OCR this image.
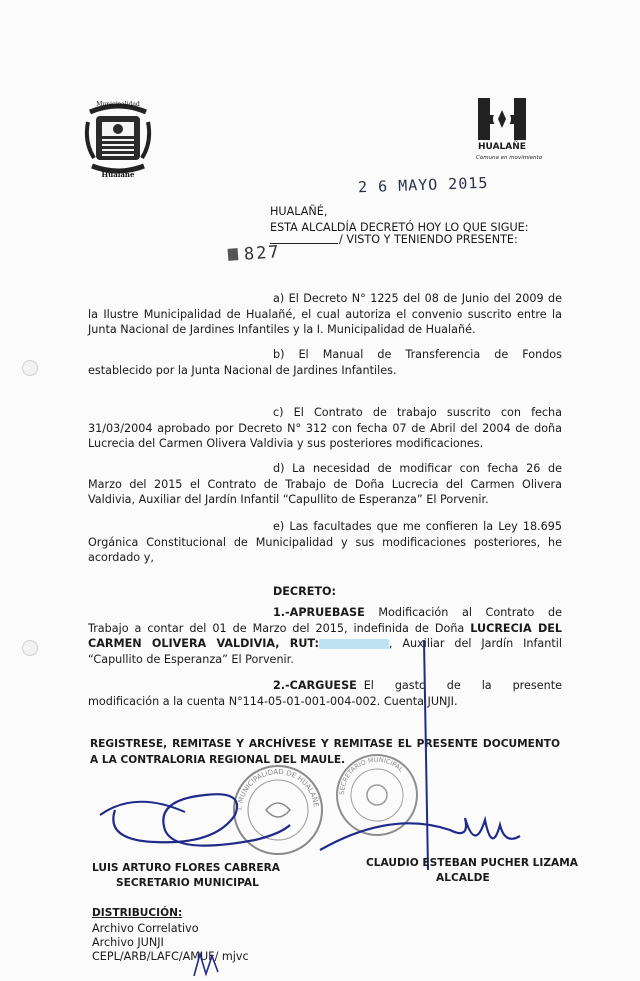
Municipalidad
Hualañé
HUALAÑE
Comuna en movimiento
2 6 MAYO 2015
HUALAÑÉ,
ESTA ALCALDÍA DECRETÓ HOY LO QUE SIGUE:
/ VISTO Y TENIENDO PRESENTE:
827
a) El Decreto N° 1225 del 08 de Junio del 2009 de la Ilustre Municipalidad de Hualañé, el cual autoriza el convenio suscrito entre la Junta Nacional de Jardines Infantiles y la I. Municipalidad de Hualañé.
b) El Manual de Transferencia de Fondos establecido por la Junta Nacional de Jardines Infantiles.
c) El Contrato de trabajo suscrito con fecha 31/03/2004 aprobado por Decreto N° 312 con fecha 07 de Abril del 2004 de doña Lucrecia del Carmen Olivera Valdivia y sus posteriores modificaciones.
d) La necesidad de modificar con fecha 26 de Marzo del 2015 el Contrato de Trabajo de Doña Lucrecia del Carmen Olivera Valdivia, Auxiliar del Jardín Infantil “Capullito de Esperanza” El Porvenir.
e) Las facultades que me confieren la Ley 18.695 Orgánica Constitucional de Municipalidad y sus modificaciones posteriores, he acordado y,
DECRETO:
1.-APRUEBASE Modificación al Contrato de Trabajo a contar del 01 de Marzo del 2015, indefinida de Doña LUCRECIA DEL CARMEN OLIVERA VALDIVIA, RUT:	, Auxiliar del Jardín Infantil “Capullito de Esperanza” El Porvenir.
2.-CARGUESE El gasto de la presente modificación a la cuenta N°114-05-01-001-004-002. Cuenta JUNJI.
REGISTRESE, REMITASE Y ARCHÍVESE Y REMITASE EL PRESENTE DOCUMENTO A LA CONTRALORIA REGIONAL DEL MAULE.
I. MUNICIPALIDAD DE HUALAÑE
SECRETARIO MUNICIPAL
LUIS ARTURO FLORES CABRERA
SECRETARIO MUNICIPAL
CLAUDIO ESTEBAN PUCHER LIZAMA
ALCALDE
DISTRIBUCIÓN:
Archivo Correlativo
Archivo JUNJI
CEPL/ARB/LAFC/AMUF/ mjvc
